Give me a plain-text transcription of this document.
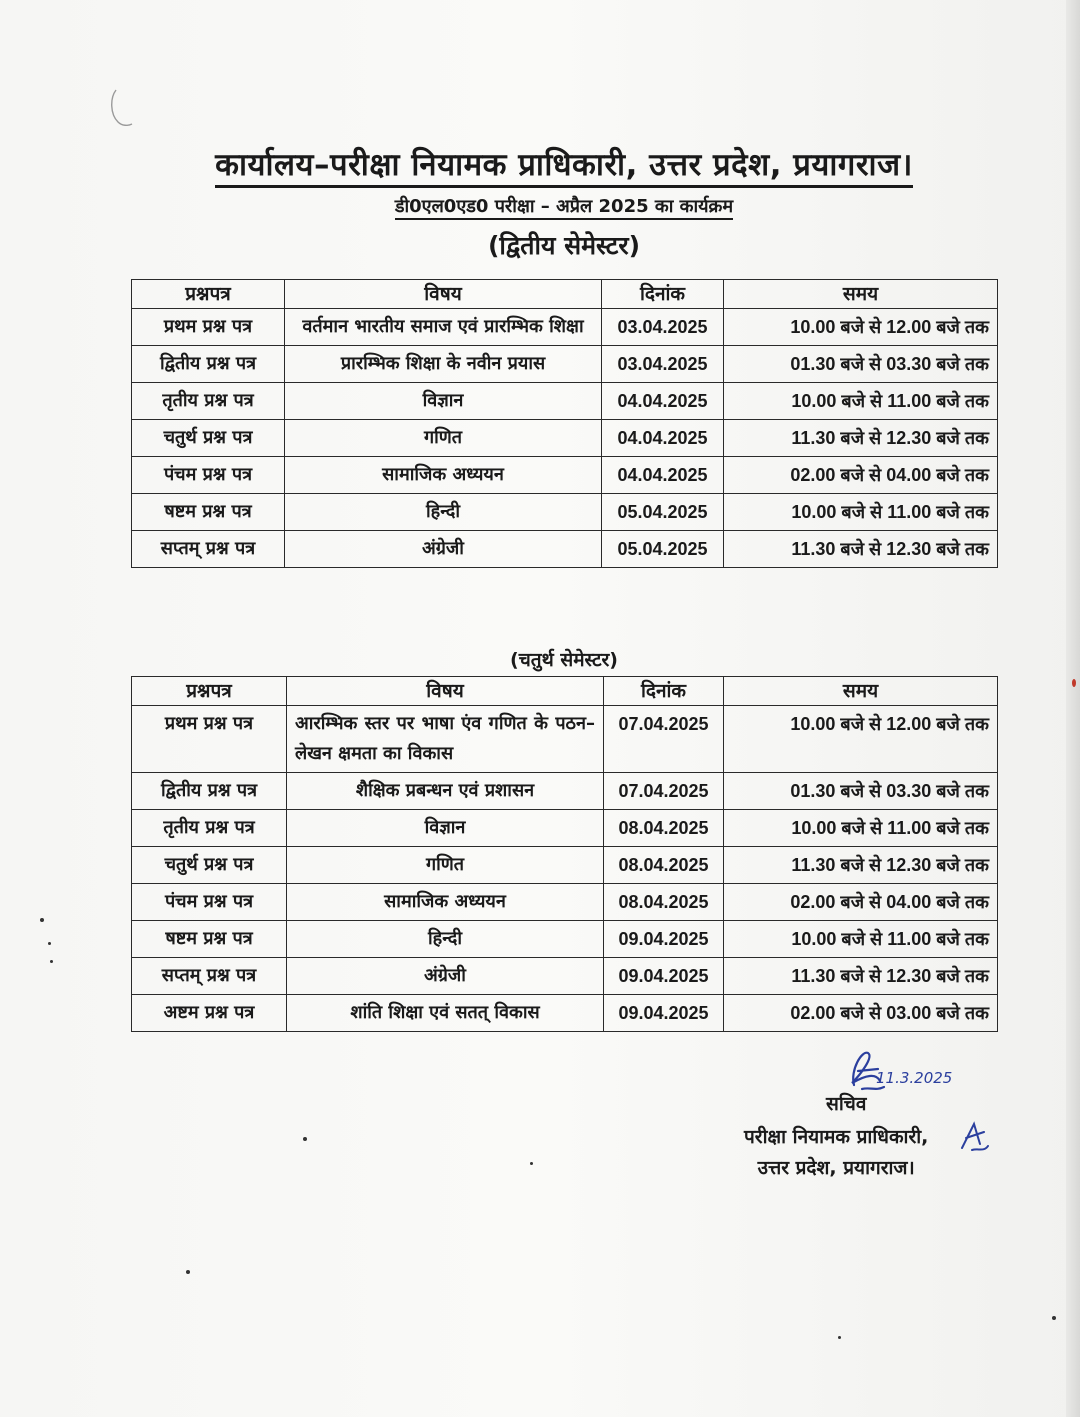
कार्यालय–परीक्षा नियामक प्राधिकारी, उत्तर प्रदेश, प्रयागराज।
डी0एल0एड0 परीक्षा – अप्रैल 2025 का कार्यक्रम
(द्वितीय सेमेस्टर)
प्रश्नपत्र	विषय	दिनांक	समय
प्रथम प्रश्न पत्र	वर्तमान भारतीय समाज एवं प्रारम्भिक शिक्षा	03.04.2025	10.00 बजे से 12.00 बजे तक
द्वितीय प्रश्न पत्र	प्रारम्भिक शिक्षा के नवीन प्रयास	03.04.2025	01.30 बजे से 03.30 बजे तक
तृतीय प्रश्न पत्र	विज्ञान	04.04.2025	10.00 बजे से 11.00 बजे तक
चतुर्थ प्रश्न पत्र	गणित	04.04.2025	11.30 बजे से 12.30 बजे तक
पंचम प्रश्न पत्र	सामाजिक अध्ययन	04.04.2025	02.00 बजे से 04.00 बजे तक
षष्टम प्रश्न पत्र	हिन्दी	05.04.2025	10.00 बजे से 11.00 बजे तक
सप्तम् प्रश्न पत्र	अंग्रेजी	05.04.2025	11.30 बजे से 12.30 बजे तक
(चतुर्थ सेमेस्टर)
प्रश्नपत्र	विषय	दिनांक	समय
प्रथम प्रश्न पत्र	आरम्भिक स्तर पर भाषा एंव गणित के पठन–लेखन क्षमता का विकास	07.04.2025	10.00 बजे से 12.00 बजे तक
द्वितीय प्रश्न पत्र	शैक्षिक प्रबन्धन एवं प्रशासन	07.04.2025	01.30 बजे से 03.30 बजे तक
तृतीय प्रश्न पत्र	विज्ञान	08.04.2025	10.00 बजे से 11.00 बजे तक
चतुर्थ प्रश्न पत्र	गणित	08.04.2025	11.30 बजे से 12.30 बजे तक
पंचम प्रश्न पत्र	सामाजिक अध्ययन	08.04.2025	02.00 बजे से 04.00 बजे तक
षष्टम प्रश्न पत्र	हिन्दी	09.04.2025	10.00 बजे से 11.00 बजे तक
सप्तम् प्रश्न पत्र	अंग्रेजी	09.04.2025	11.30 बजे से 12.30 बजे तक
अष्टम प्रश्न पत्र	शांति शिक्षा एवं सतत् विकास	09.04.2025	02.00 बजे से 03.00 बजे तक
11.3.2025
सचिव
परीक्षा नियामक प्राधिकारी,
उत्तर प्रदेश, प्रयागराज।
